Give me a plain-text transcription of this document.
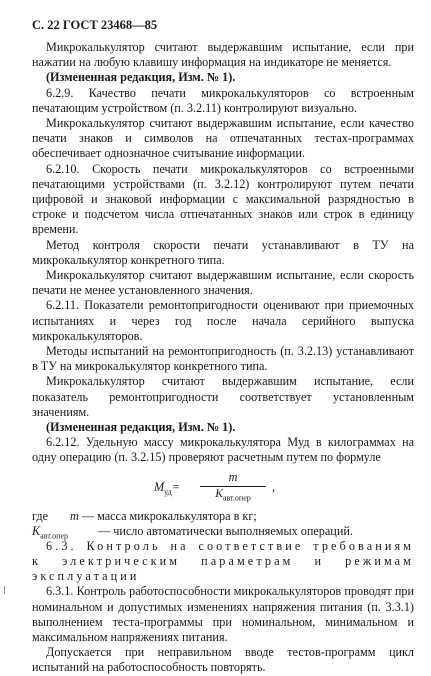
С. 22 ГОСТ 23468—85

Микрокалькулятор считают выдержавшим испытание, если при нажатии на любую клавишу информация на индикаторе не меняется.

(Измененная редакция, Изм. № 1).

6.2.9. Качество печати микрокалькуляторов со встроенным печатающим устройством (п. 3.2.11) контролируют визуально.

Микрокалькулятор считают выдержавшим испытание, если качество печати знаков и символов на отпечатанных тестах-программах обеспечивает однозначное считывание информации.

6.2.10. Скорость печати микрокалькуляторов со встроенными печатающими устройствами (п. 3.2.12) контролируют путем печати цифровой и знаковой информации с максимальной разрядностью в строке и подсчетом числа отпечатанных знаков или строк в единицу времени.

Метод контроля скорости печати устанавливают в ТУ на микрокалькулятор конкретного типа.

Микрокалькулятор считают выдержавшим испытание, если скорость печати не менее установленного значения.

6.2.11. Показатели ремонтопригодности оценивают при приемочных испытаниях и через год после начала серийного выпуска микрокалькуляторов.

Методы испытаний на ремонтопригодность (п. 3.2.13) устанавливают в ТУ на микрокалькулятор конкретного типа.

Микрокалькулятор считают выдержавшим испытание, если показатель ремонтопригодности соответствует установленным значениям.

(Измененная редакция, Изм. № 1).

6.2.12. Удельную массу микрокалькулятора Mуд в килограммах на одну операцию (п. 3.2.15) проверяют расчетным путем по формуле

$M_{уд}=$
m
$K_{авт.опер}$
,
где m — масса микрокалькулятора в кг;
$K_{авт.опер}$ — число автоматически выполняемых операций.

6.3. Контроль на соответствие требованиям к электрическим параметрам и режимам эксплуатации

6.3.1. Контроль работоспособности микрокалькуляторов проводят при номинальном и допустимых изменениях напряжения питания (п. 3.3.1) выполнением теста-программы при номинальном, минимальном и максимальном напряжениях питания.

Допускается при неправильном вводе тестов-программ цикл испытаний на работоспособность повторять.
